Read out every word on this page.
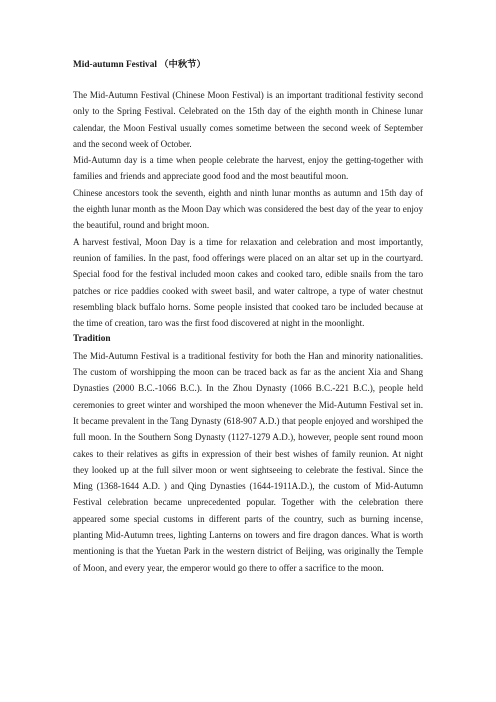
Mid-autumn Festival （中秋节）

The Mid-Autumn Festival (Chinese Moon Festival) is an important traditional festivity second only to the Spring Festival. Celebrated on the 15th day of the eighth month in Chinese lunar calendar, the Moon Festival usually comes sometime between the second week of September and the second week of October.

Mid-Autumn day is a time when people celebrate the harvest, enjoy the getting-together with families and friends and appreciate good food and the most beautiful moon.

Chinese ancestors took the seventh, eighth and ninth lunar months as autumn and 15th day of the eighth lunar month as the Moon Day which was considered the best day of the year to enjoy the beautiful, round and bright moon.

A harvest festival, Moon Day is a time for relaxation and celebration and most importantly, reunion of families. In the past, food offerings were placed on an altar set up in the courtyard. Special food for the festival included moon cakes and cooked taro, edible snails from the taro patches or rice paddies cooked with sweet basil, and water caltrope, a type of water chestnut resembling black buffalo horns. Some people insisted that cooked taro be included because at the time of creation, taro was the first food discovered at night in the moonlight.

Tradition

The Mid-Autumn Festival is a traditional festivity for both the Han and minority nationalities. The custom of worshipping the moon can be traced back as far as the ancient Xia and Shang Dynasties (2000 B.C.-1066 B.C.). In the Zhou Dynasty (1066 B.C.-221 B.C.), people held ceremonies to greet winter and worshiped the moon whenever the Mid-Autumn Festival set in. It became prevalent in the Tang Dynasty (618-907 A.D.) that people enjoyed and worshiped the full moon. In the Southern Song Dynasty (1127-1279 A.D.), however, people sent round moon cakes to their relatives as gifts in expression of their best wishes of family reunion. At night they looked up at the full silver moon or went sightseeing to celebrate the festival. Since the Ming (1368-1644 A.D. ) and Qing Dynasties (1644-1911A.D.), the custom of Mid-Autumn Festival celebration became unprecedented popular. Together with the celebration there appeared some special customs in different parts of the country, such as burning incense, planting Mid-Autumn trees, lighting Lanterns on towers and fire dragon dances. What is worth mentioning is that the Yuetan Park in the western district of Beijing, was originally the Temple of Moon, and every year, the emperor would go there to offer a sacrifice to the moon.
